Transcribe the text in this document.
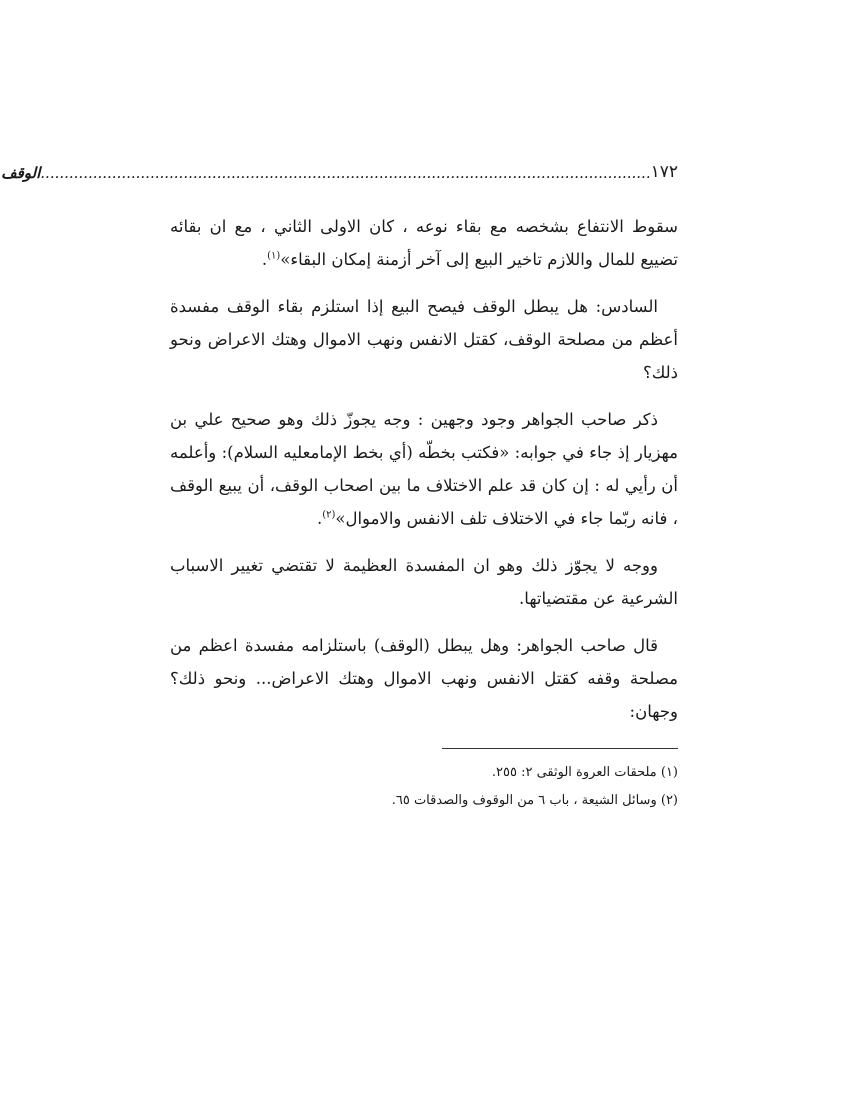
١٧٢
................................................................................................................................الوقف

سقوط الانتفاع بشخصه مع بقاء نوعه ، كان الاولى الثاني ، مع ان بقائه تضييع للمال واللازم تاخير البيع إلى آخر أزمنة إمكان البقاء»$^{(١)}$.

السادس: هل يبطل الوقف فيصح البيع إذا استلزم بقاء الوقف مفسدة أعظم من مصلحة الوقف، كقتل الانفس ونهب الاموال وهتك الاعراض ونحو ذلك؟

ذكر صاحب الجواهر وجود وجهين : وجه يجوزّ ذلك وهو صحيح علي بن مهزيار إذ جاء في جوابه: «فكتب بخطّه (أي بخط الإمامعليه السلام): وأعلمه أن رأيي له : إن كان قد علم الاختلاف ما بين اصحاب الوقف، أن يبيع الوقف ، فانه ربّما جاء في الاختلاف تلف الانفس والاموال»$^{(٢)}$.

ووجه لا يجوّز ذلك وهو ان المفسدة العظيمة لا تقتضي تغيير الاسباب الشرعية عن مقتضياتها.

قال صاحب الجواهر: وهل يبطل (الوقف) باستلزامه مفسدة اعظم من مصلحة وقفه كقتل الانفس ونهب الاموال وهتك الاعراض... ونحو ذلك؟ وجهان:

(١) ملحقات العروة الوثقى ٢: ٢٥٥.

(٢) وسائل الشيعة ، باب ٦ من الوقوف والصدقات ٦٥.
